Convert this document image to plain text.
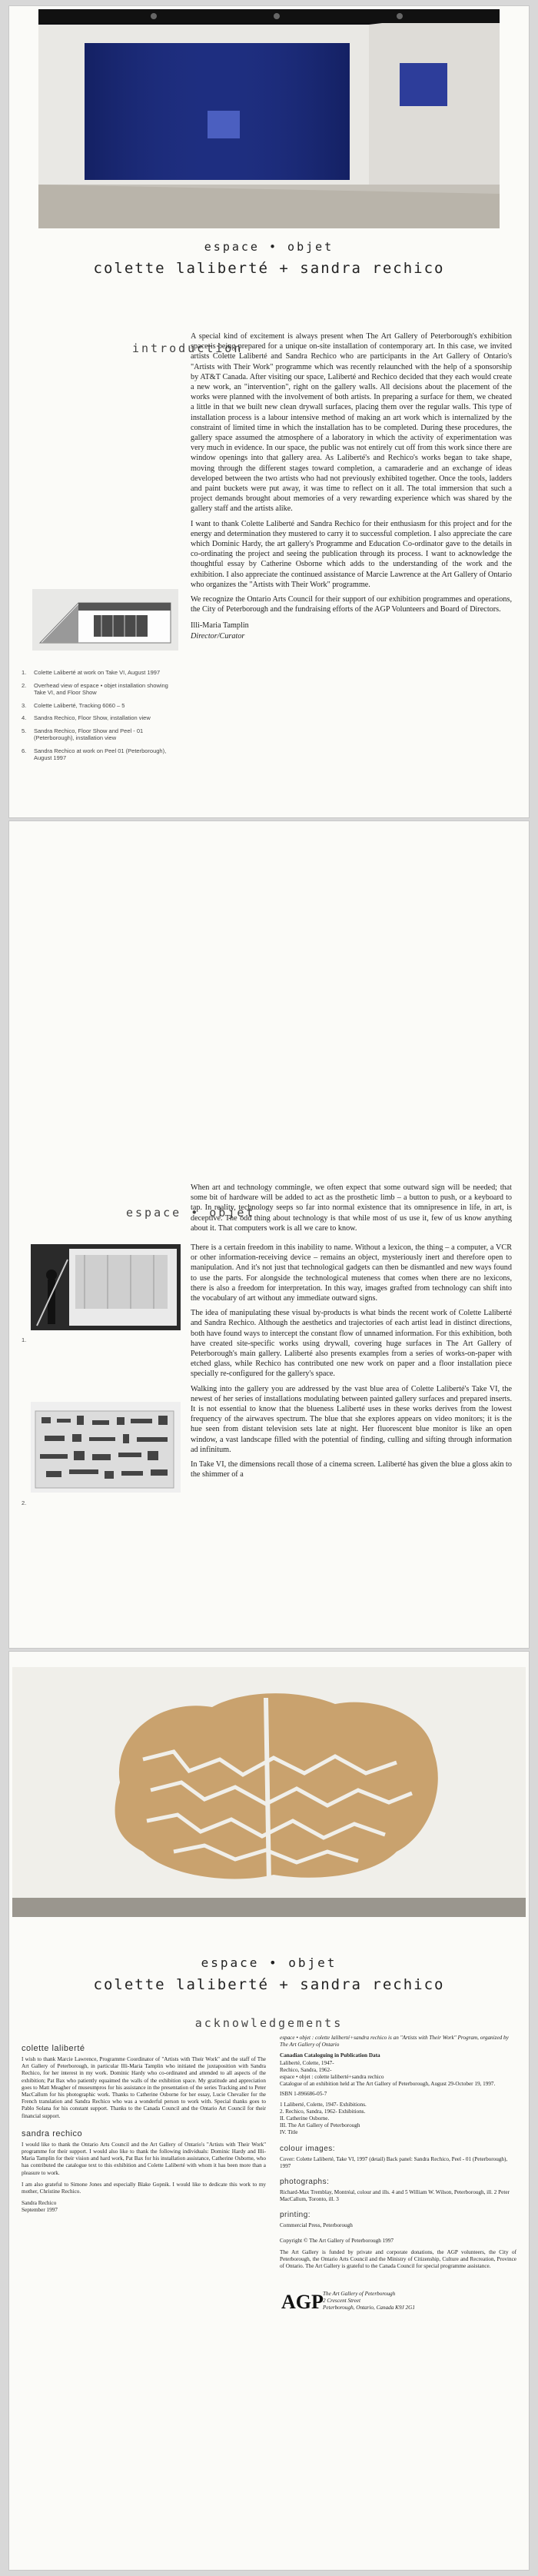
espace • objet
colette laliberté + sandra rechico
introduction

A special kind of excitement is always present when The Art Gallery of Peterborough's exhibition space is being prepared for a unique on-site installation of contemporary art. In this case, we invited artists Colette Laliberté and Sandra Rechico who are participants in the Art Gallery of Ontario's "Artists with Their Work" programme which was recently relaunched with the help of a sponsorship by AT&T Canada. After visiting our space, Laliberté and Rechico decided that they each would create a new work, an "intervention", right on the gallery walls. All decisions about the placement of the works were planned with the involvement of both artists. In preparing a surface for them, we cheated a little in that we built new clean drywall surfaces, placing them over the regular walls. This type of installation process is a labour intensive method of making an art work which is internalized by the constraint of limited time in which the installation has to be completed. During these procedures, the gallery space assumed the atmosphere of a laboratory in which the activity of experimentation was very much in evidence. In our space, the public was not entirely cut off from this work since there are window openings into that gallery area. As Laliberté's and Rechico's works began to take shape, moving through the different stages toward completion, a camaraderie and an exchange of ideas developed between the two artists who had not previously exhibited together. Once the tools, ladders and paint buckets were put away, it was time to reflect on it all. The total immersion that such a project demands brought about memories of a very rewarding experience which was shared by the gallery staff and the artists alike.

I want to thank Colette Laliberté and Sandra Rechico for their enthusiasm for this project and for the energy and determination they mustered to carry it to successful completion. I also appreciate the care which Dominic Hardy, the art gallery's Programme and Education Co-ordinator gave to the details in co-ordinating the project and seeing the publication through its process. I want to acknowledge the thoughtful essay by Catherine Osborne which adds to the understanding of the work and the exhibition. I also appreciate the continued assistance of Marcie Lawrence at the Art Gallery of Ontario who organizes the "Artists with Their Work" programme.

We recognize the Ontario Arts Council for their support of our exhibition programmes and operations, the City of Peterborough and the fundraising efforts of the AGP Volunteers and Board of Directors.

Illi-Maria Tamplin

Director/Curator

1.	Colette Laliberté at work on Take VI, August 1997
2.	Overhead view of espace • objet installation showing Take VI, and Floor Show
3.	Colette Laliberté, Tracking 6060 – 5
4.	Sandra Rechico, Floor Show, installation view
5.	Sandra Rechico, Floor Show and Peel - 01 (Peterborough), installation view
6.	Sandra Rechico at work on Peel 01 (Peterborough), August 1997
When art and technology commingle, we often expect that some outward sign will be needed; that some bit of hardware will be added to act as the prosthetic limb – a button to push, or a keyboard to tap. In reality, technology seeps so far into normal existence that its omnipresence in life, in art, is deceptive. The odd thing about technology is that while most of us use it, few of us know anything about it. That computers work is all we care to know.
espace • objet

There is a certain freedom in this inability to name. Without a lexicon, the thing – a computer, a VCR or other information-receiving device – remains an object, mysteriously inert and therefore open to manipulation. And it's not just that technological gadgets can then be dismantled and new ways found to use the parts. For alongside the technological muteness that comes when there are no lexicons, there is also a freedom for interpretation. In this way, images grafted from technology can shift into the vocabulary of art without any immediate outward signs.

The idea of manipulating these visual by-products is what binds the recent work of Colette Laliberté and Sandra Rechico. Although the aesthetics and trajectories of each artist lead in distinct directions, both have found ways to intercept the constant flow of unnamed information. For this exhibition, both have created site-specific works using drywall, covering huge surfaces in The Art Gallery of Peterborough's main gallery. Laliberté also presents examples from a series of works-on-paper with etched glass, while Rechico has contributed one new work on paper and a floor installation piece specially re-configured for the gallery's space.

Walking into the gallery you are addressed by the vast blue area of Colette Laliberté's Take VI, the newest of her series of installations modulating between painted gallery surfaces and prepared inserts. It is not essential to know that the blueness Laliberté uses in these works derives from the lowest frequency of the airwaves spectrum. The blue that she explores appears on video monitors; it is the hue seen from distant television sets late at night. Her fluorescent blue monitor is like an open window, a vast landscape filled with the potential of finding, culling and sifting through information ad infinitum.

In Take VI, the dimensions recall those of a cinema screen. Laliberté has given the blue a gloss akin to the shimmer of a

1.
2.
espace • objet
colette laliberté + sandra rechico
acknowledgements
colette laliberté
I wish to thank Marcie Lawrence, Programme Coordinator of "Artists with Their Work" and the staff of The Art Gallery of Peterborough, in particular Illi-Maria Tamplin who initiated the juxtaposition with Sandra Rechico, for her interest in my work. Dominic Hardy who co-ordinated and attended to all aspects of the exhibition; Pat Bax who patiently equaimed the walls of the exhibition space. My gratitude and appreciation goes to Matt Meagher of museumpros for his assistance in the presentation of the series Tracking and to Peter MacCallum for his photographic work. Thanks to Catherine Osborne for her essay, Lucie Chevalier for the French translation and Sandra Rechico who was a wonderful person to work with. Special thanks goes to Pablo Solana for his constant support. Thanks to the Canada Council and the Ontario Art Council for their financial support.
sandra rechico
I would like to thank the Ontario Arts Council and the Art Gallery of Ontario's "Artists with Their Work" programme for their support. I would also like to thank the following individuals: Dominic Hardy and Illi-Maria Tamplin for their vision and hard work, Pat Bax for his installation assistance, Catherine Osborne, who has contributed the catalogue text to this exhibition and Colette Laliberté with whom it has been more than a pleasure to work.
I am also grateful to Simone Jones and especially Blake Gopnik. I would like to dedicate this work to my mother, Christine Rechico.
Sandra Rechico
September 1997
espace • objet : colette laliberté+sandra rechico is an "Artists with Their Work" Program, organized by The Art Gallery of Ontario
Canadian Cataloguing in Publication Data
Laliberté, Colette, 1947-
Rechico, Sandra, 1962-
espace • objet : colette laliberté+sandra rechico
Catalogue of an exhibition held at The Art Gallery of Peterborough, August 29-October 19, 1997.
ISBN 1-896686-05-7
1 Laliberté, Colette, 1947- Exhibitions.
2. Rechico, Sandra, 1962- Exhibitions.
II. Catherine Osborne.
III. The Art Gallery of Peterborough
IV. Title
colour images:
Cover: Colette Laliberté, Take VI, 1997 (detail) Back panel: Sandra Rechico, Peel - 01 (Peterborough), 1997
photographs:
Richard-Max Tremblay, Montréal, colour and ills. 4 and 5 William W. Wilson, Peterborough, ill. 2 Peter MacCallum, Toronto, ill. 3
printing:
Commercial Press, Peterborough
Copyright © The Art Gallery of Peterborough 1997
The Art Gallery is funded by private and corporate donations, the AGP volunteers, the City of Peterborough, the Ontario Arts Council and the Ministry of Citizenship, Culture and Recreation, Province of Ontario. The Art Gallery is grateful to the Canada Council for special programme assistance.
AGP The Art Gallery of Peterborough
2 Crescent Street
Peterborough, Ontario, Canada K9J 2G1
